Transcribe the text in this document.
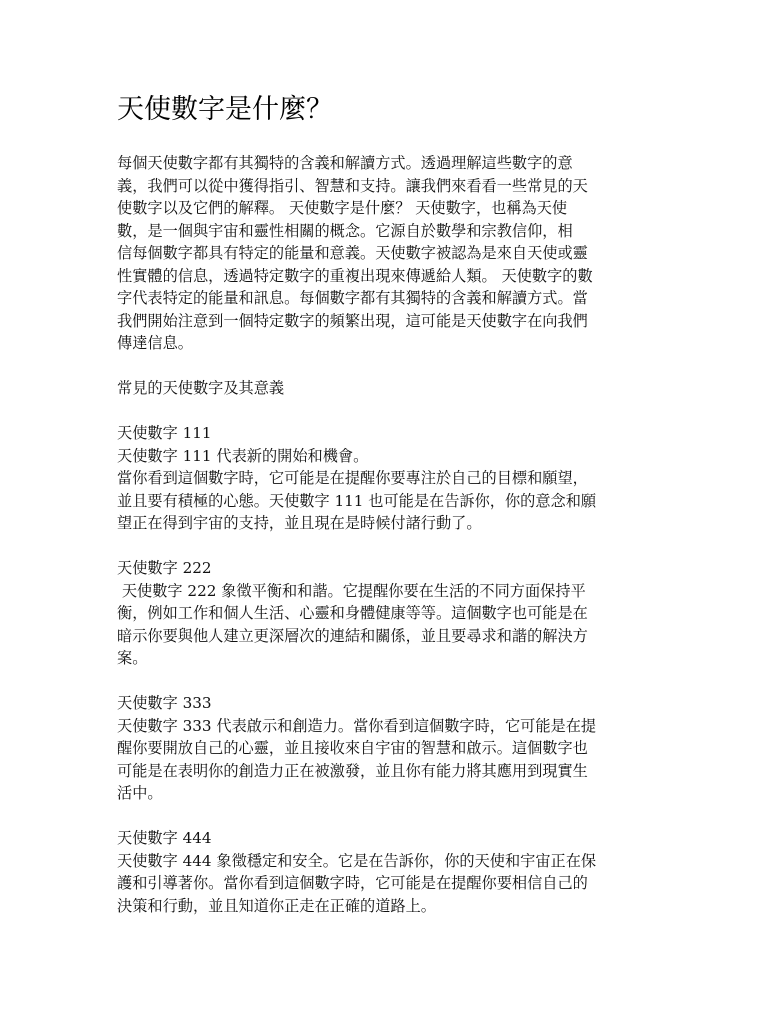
天使數字是什麼？

每個天使數字都有其獨特的含義和解讀方式。透過理解這些數字的意

義，我們可以從中獲得指引、智慧和支持。讓我們來看看一些常見的天

使數字以及它們的解釋。 天使數字是什麼？ 天使數字，也稱為天使

數，是一個與宇宙和靈性相關的概念。它源自於數學和宗教信仰，相

信每個數字都具有特定的能量和意義。天使數字被認為是來自天使或靈

性實體的信息，透過特定數字的重複出現來傳遞給人類。 天使數字的數

字代表特定的能量和訊息。每個數字都有其獨特的含義和解讀方式。當

我們開始注意到一個特定數字的頻繁出現，這可能是天使數字在向我們

傳達信息。

常見的天使數字及其意義

天使數字 111

天使數字 111 代表新的開始和機會。

當你看到這個數字時，它可能是在提醒你要專注於自己的目標和願望，

並且要有積極的心態。天使數字 111 也可能是在告訴你，你的意念和願

望正在得到宇宙的支持，並且現在是時候付諸行動了。

天使數字 222

天使數字 222 象徵平衡和和諧。它提醒你要在生活的不同方面保持平

衡，例如工作和個人生活、心靈和身體健康等等。這個數字也可能是在

暗示你要與他人建立更深層次的連結和關係，並且要尋求和諧的解決方

案。

天使數字 333

天使數字 333 代表啟示和創造力。當你看到這個數字時，它可能是在提

醒你要開放自己的心靈，並且接收來自宇宙的智慧和啟示。這個數字也

可能是在表明你的創造力正在被激發，並且你有能力將其應用到現實生

活中。

天使數字 444

天使數字 444 象徵穩定和安全。它是在告訴你，你的天使和宇宙正在保

護和引導著你。當你看到這個數字時，它可能是在提醒你要相信自己的

決策和行動，並且知道你正走在正確的道路上。
